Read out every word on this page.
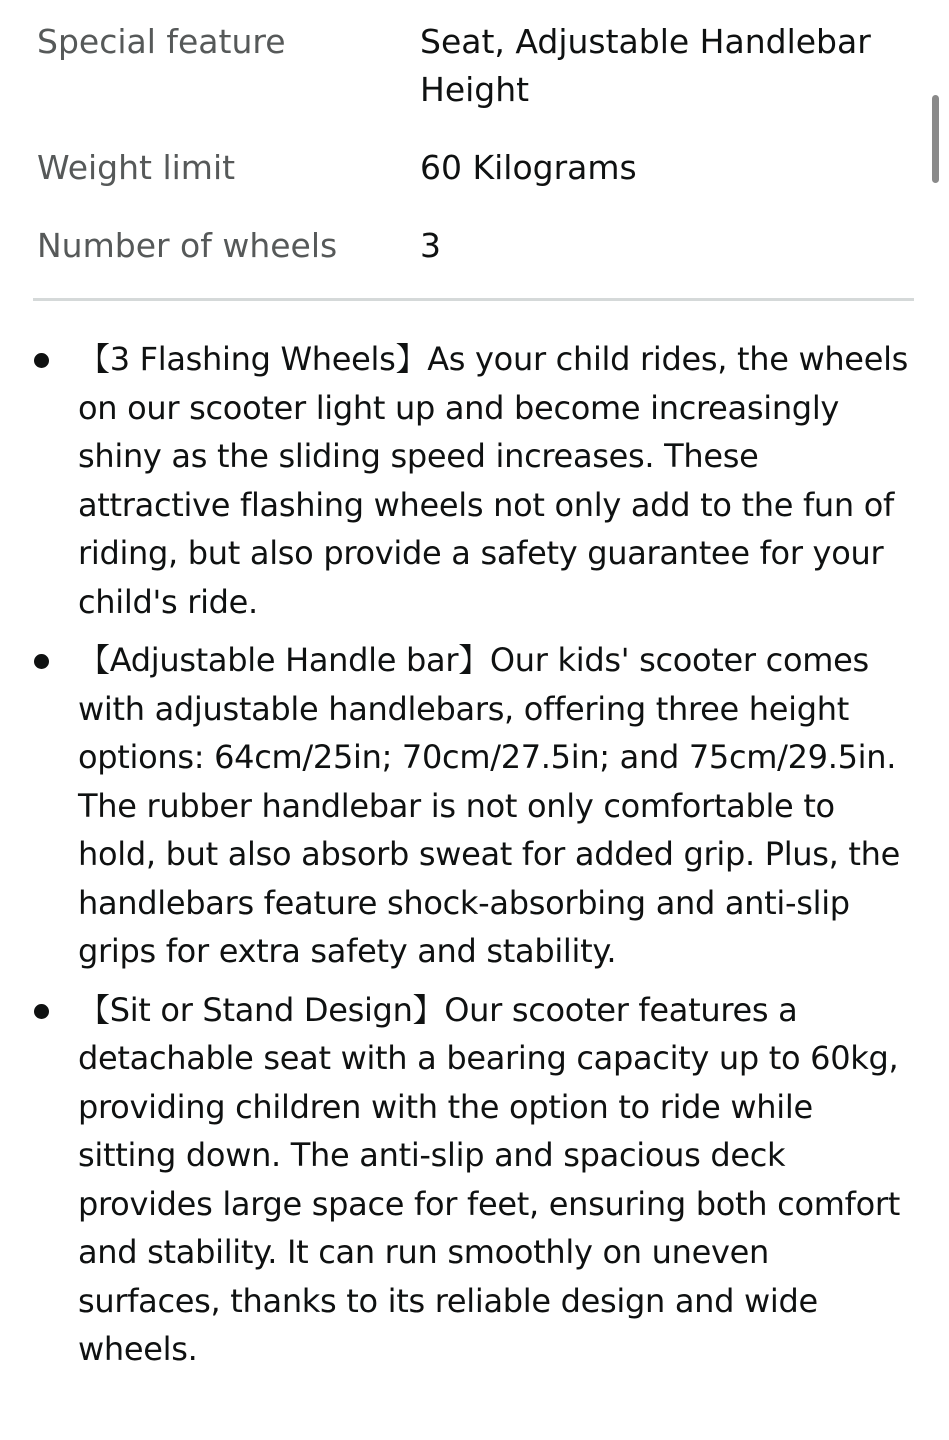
Special feature	Seat, Adjustable Handlebar Height
Weight limit	60 Kilograms
Number of wheels	3
【3 Flashing Wheels】As your child rides, the wheels on our scooter light up and become increasingly shiny as the sliding speed increases. These attractive flashing wheels not only add to the fun of riding, but also provide a safety guarantee for your child's ride.
【Adjustable Handle bar】Our kids' scooter comes with adjustable handlebars, offering three height options: 64cm/25in; 70cm/27.5in; and 75cm/29.5in. The rubber handlebar is not only comfortable to hold, but also absorb sweat for added grip. Plus, the handlebars feature shock-absorbing and anti-slip grips for extra safety and stability.
【Sit or Stand Design】Our scooter features a detachable seat with a bearing capacity up to 60kg, providing children with the option to ride while sitting down. The anti-slip and spacious deck provides large space for feet, ensuring both comfort and stability. It can run smoothly on uneven surfaces, thanks to its reliable design and wide wheels.
